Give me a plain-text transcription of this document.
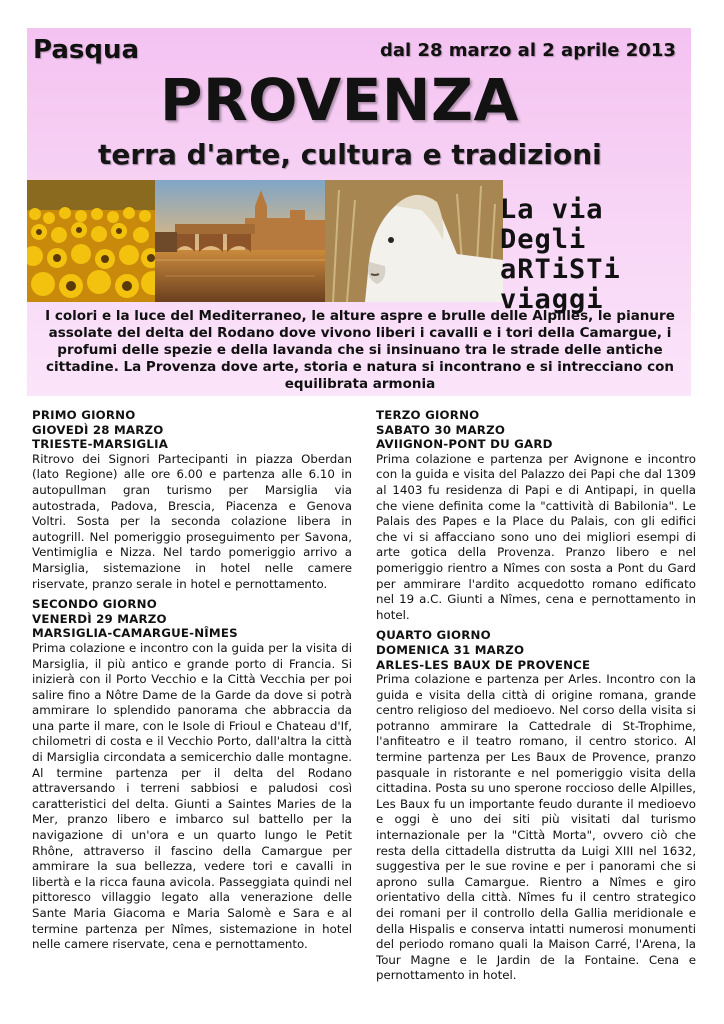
Pasqua	dal 28 marzo al 2 aprile 2013
PROVENZA
terra d'arte, cultura e tradizioni
La via
Degli aRTiSTi
viaggi

I colori e la luce del Mediterraneo, le alture aspre e brulle delle Alpilles, le pianure assolate del delta del Rodano dove vivono liberi i cavalli e i tori della Camargue, i profumi delle spezie e della lavanda che si insinuano tra le strade delle antiche cittadine. La Provenza dove arte, storia e natura si incontrano e si intrecciano con equilibrata armonia

PRIMO GIORNO
GIOVEDÌ 28 MARZO
TRIESTE-MARSIGLIA

Ritrovo dei Signori Partecipanti in piazza Oberdan (lato Regione) alle ore 6.00 e partenza alle 6.10 in autopullman gran turismo per Marsiglia via autostrada, Padova, Brescia, Piacenza e Genova Voltri. Sosta per la seconda colazione libera in autogrill. Nel pomeriggio proseguimento per Savona, Ventimiglia e Nizza. Nel tardo pomeriggio arrivo a Marsiglia, sistemazione in hotel nelle camere riservate, pranzo serale in hotel e pernottamento.

SECONDO GIORNO
VENERDÌ 29 MARZO
MARSIGLIA-CAMARGUE-NÎMES

Prima colazione e incontro con la guida per la visita di Marsiglia, il più antico e grande porto di Francia. Si inizierà con il Porto Vecchio e la Città Vecchia per poi salire fino a Nôtre Dame de la Garde da dove si potrà ammirare lo splendido panorama che abbraccia da una parte il mare, con le Isole di Frioul e Chateau d'If, chilometri di costa e il Vecchio Porto, dall'altra la città di Marsiglia circondata a semicerchio dalle montagne. Al termine partenza per il delta del Rodano attraversando i terreni sabbiosi e paludosi così caratteristici del delta. Giunti a Saintes Maries de la Mer, pranzo libero e imbarco sul battello per la navigazione di un'ora e un quarto lungo le Petit Rhône, attraverso il fascino della Camargue per ammirare la sua bellezza, vedere tori e cavalli in libertà e la ricca fauna avicola. Passeggiata quindi nel pittoresco villaggio legato alla venerazione delle Sante Maria Giacoma e Maria Salomè e Sara e al termine partenza per Nîmes, sistemazione in hotel nelle camere riservate, cena e pernottamento.

TERZO GIORNO
SABATO 30 MARZO
AVIIGNON-PONT DU GARD

Prima colazione e partenza per Avignone e incontro con la guida e visita del Palazzo dei Papi che dal 1309 al 1403 fu residenza di Papi e di Antipapi, in quella che viene definita come la "cattività di Babilonia". Le Palais des Papes e la Place du Palais, con gli edifici che vi si affacciano sono uno dei migliori esempi di arte gotica della Provenza. Pranzo libero e nel pomeriggio rientro a Nîmes con sosta a Pont du Gard per ammirare l'ardito acquedotto romano edificato nel 19 a.C. Giunti a Nîmes, cena e pernottamento in hotel.

QUARTO GIORNO
DOMENICA 31 MARZO
ARLES-LES BAUX DE PROVENCE

Prima colazione e partenza per Arles. Incontro con la guida e visita della città di origine romana, grande centro religioso del medioevo. Nel corso della visita si potranno ammirare la Cattedrale di St-Trophime, l'anfiteatro e il teatro romano, il centro storico. Al termine partenza per Les Baux de Provence, pranzo pasquale in ristorante e nel pomeriggio visita della cittadina. Posta su uno sperone roccioso delle Alpilles, Les Baux fu un importante feudo durante il medioevo e oggi è uno dei siti più visitati dal turismo internazionale per la "Città Morta", ovvero ciò che resta della cittadella distrutta da Luigi XIII nel 1632, suggestiva per le sue rovine e per i panorami che si aprono sulla Camargue. Rientro a Nîmes e giro orientativo della città. Nîmes fu il centro strategico dei romani per il controllo della Gallia meridionale e della Hispalis e conserva intatti numerosi monumenti del periodo romano quali la Maison Carré, l'Arena, la Tour Magne e le Jardin de la Fontaine. Cena e pernottamento in hotel.
